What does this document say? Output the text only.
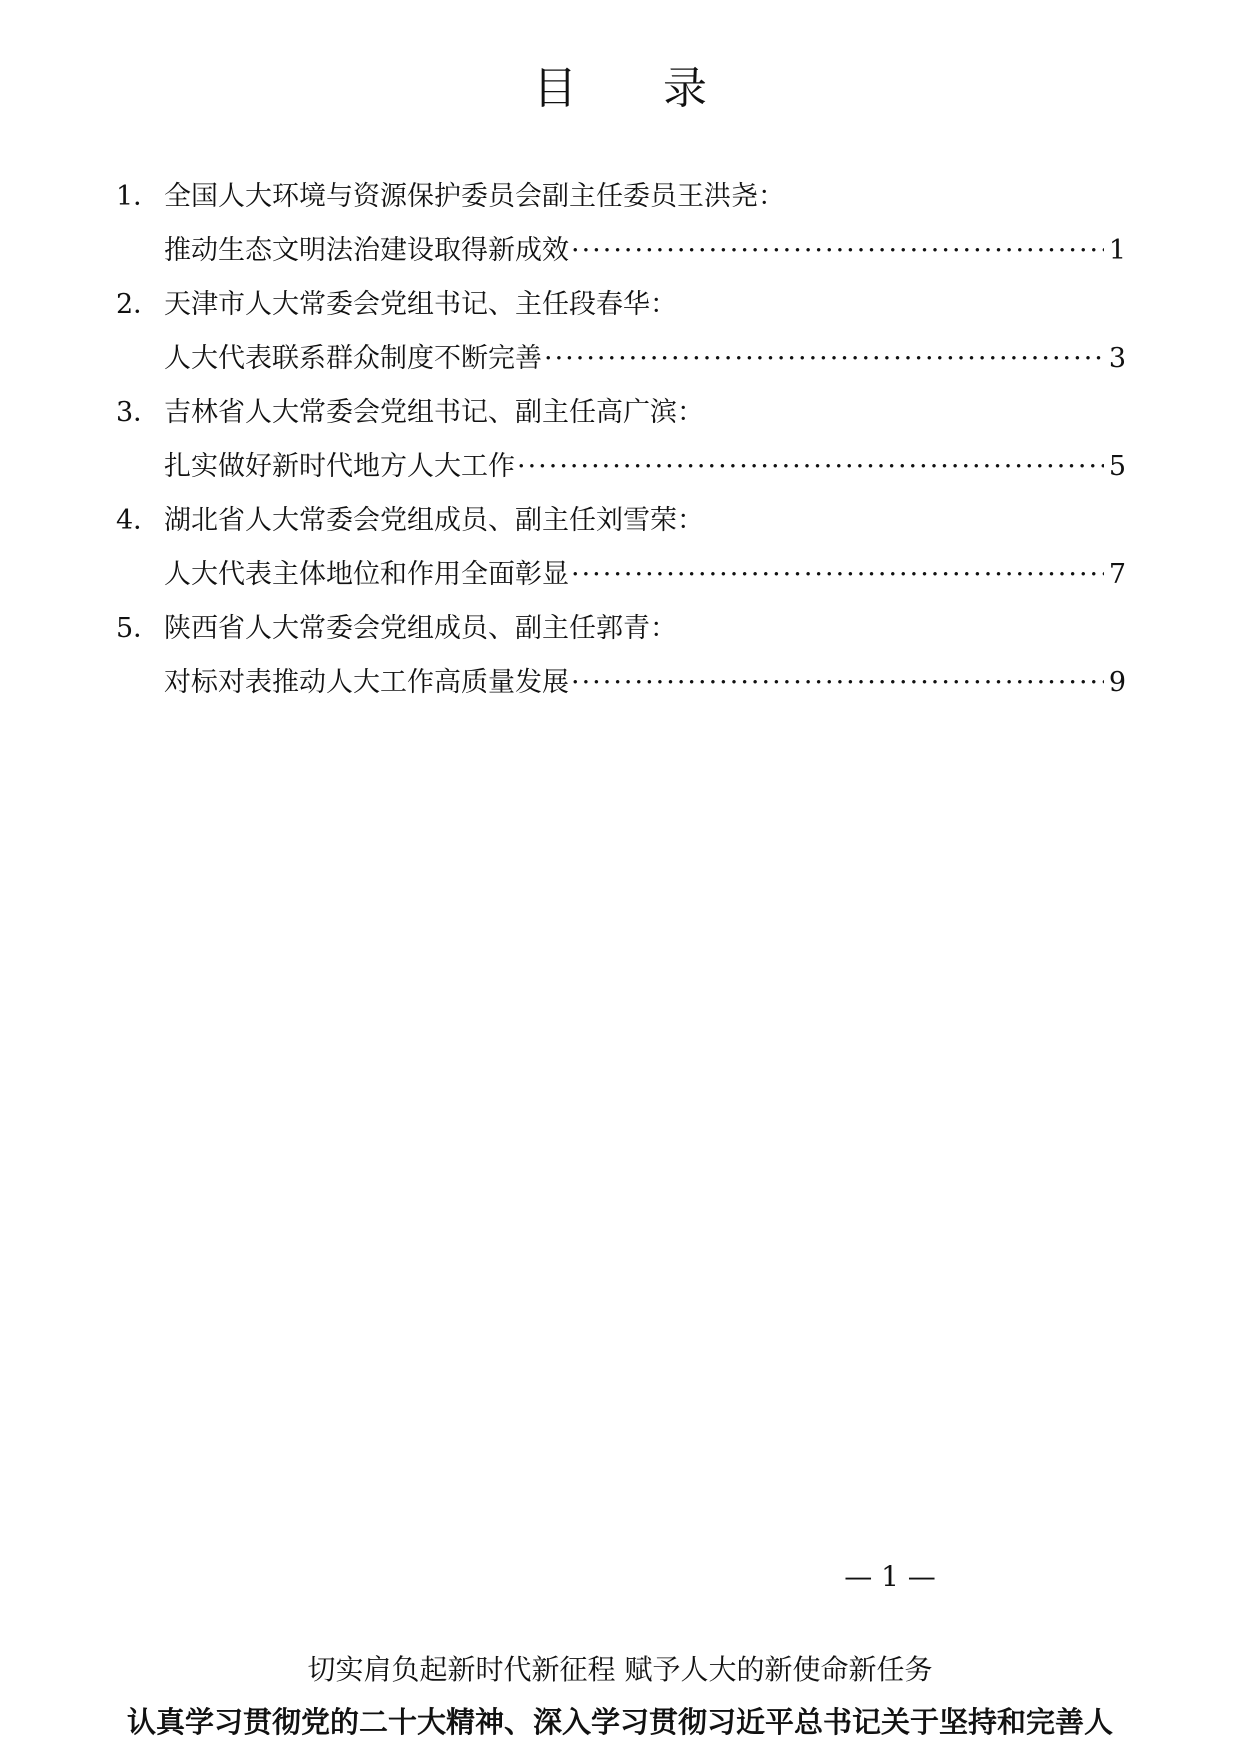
目 录
1． 全国人大环境与资源保护委员会副主任委员王洪尧：
推动生态文明法治建设取得新成效 ·····	1
2． 天津市人大常委会党组书记、主任段春华：
人大代表联系群众制度不断完善 ·····	3
3． 吉林省人大常委会党组书记、副主任高广滨：
扎实做好新时代地方人大工作 ·····	5
4． 湖北省人大常委会党组成员、副主任刘雪荣：
人大代表主体地位和作用全面彰显 ·····	7
5． 陕西省人大常委会党组成员、副主任郭青：
对标对表推动人大工作高质量发展 ·····	9
— 1 —
切实肩负起新时代新征程 赋予人大的新使命新任务
认真学习贯彻党的二十大精神、深入学习贯彻习近平总书记关于坚持和完善人
